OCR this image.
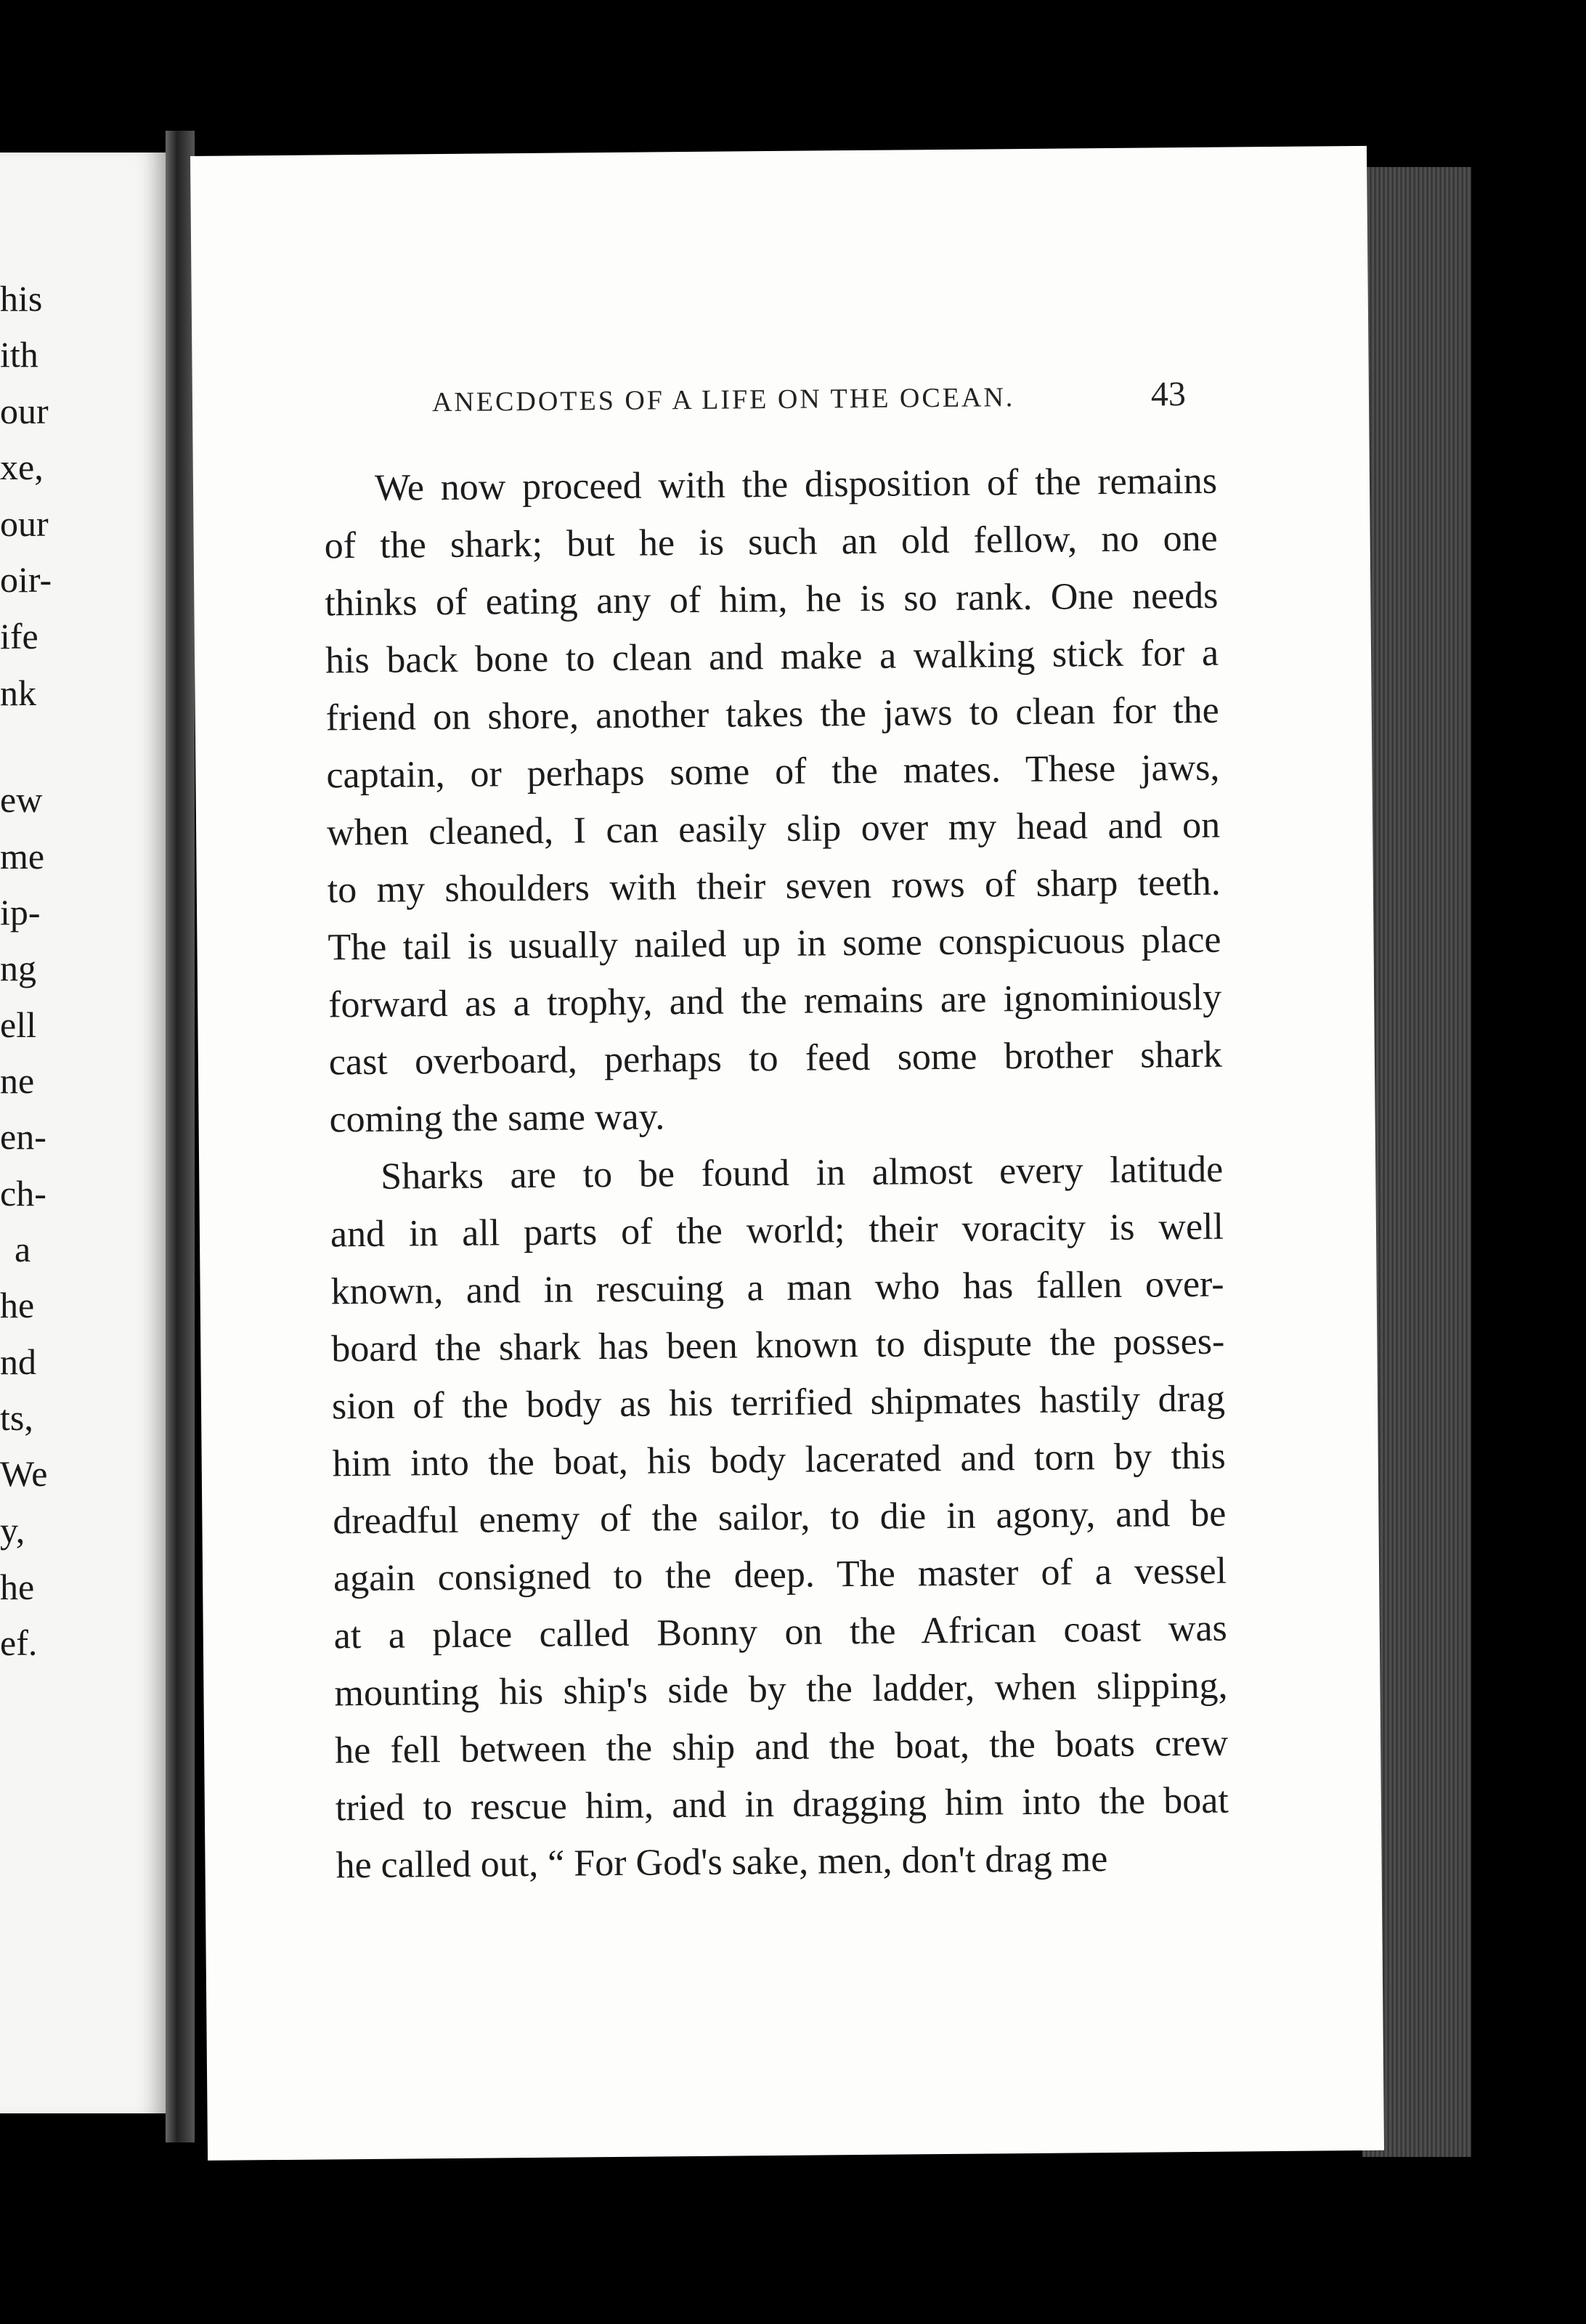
his
ith
our
xe,
our
oir-
ife
nk
ew
me
ip-
ng
ell
ne
en-
ch-
a
he
nd
ts,
We
y,
he
ef.
ANECDOTES OF A LIFE ON THE OCEAN.	43
We now proceed with the disposition of the remains
of the shark; but he is such an old fellow, no one
thinks of eating any of him, he is so rank. One needs
his back bone to clean and make a walking stick for a
friend on shore, another takes the jaws to clean for the
captain, or perhaps some of the mates. These jaws,
when cleaned, I can easily slip over my head and on
to my shoulders with their seven rows of sharp teeth.
The tail is usually nailed up in some conspicuous place
forward as a trophy, and the remains are ignominiously
cast overboard, perhaps to feed some brother shark
coming the same way.
Sharks are to be found in almost every latitude
and in all parts of the world; their voracity is well
known, and in rescuing a man who has fallen over-
board the shark has been known to dispute the posses-
sion of the body as his terrified shipmates hastily drag
him into the boat, his body lacerated and torn by this
dreadful enemy of the sailor, to die in agony, and be
again consigned to the deep. The master of a vessel
at a place called Bonny on the African coast was
mounting his ship's side by the ladder, when slipping,
he fell between the ship and the boat, the boats crew
tried to rescue him, and in dragging him into the boat
he called out, “ For God's sake, men, don't drag me
